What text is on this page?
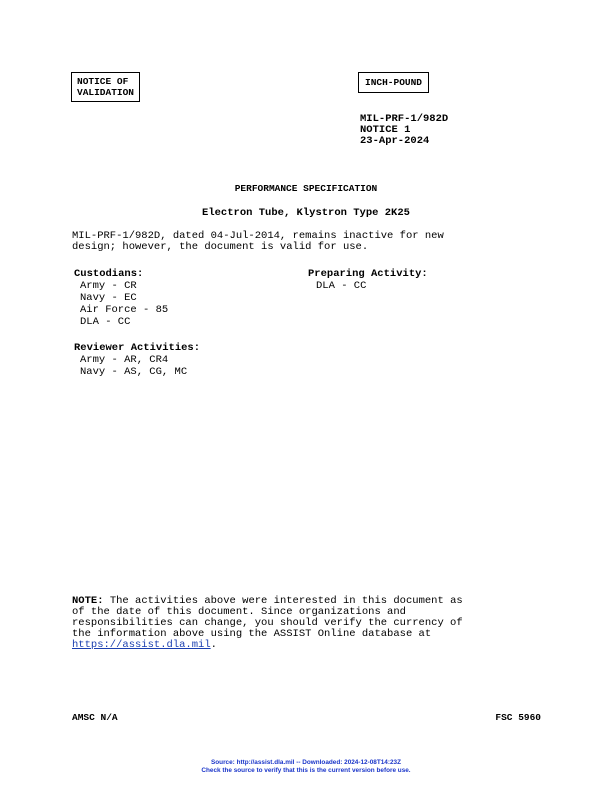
NOTICE OF
VALIDATION
INCH-POUND
MIL-PRF-1/982D
NOTICE 1
23-Apr-2024
PERFORMANCE SPECIFICATION
Electron Tube, Klystron Type 2K25
MIL-PRF-1/982D, dated 04-Jul-2014, remains inactive for new
design; however, the document is valid for use.
Custodians:
Army - CR
Navy - EC
Air Force - 85
DLA - CC
Preparing Activity:
DLA - CC
Reviewer Activities:
Army - AR, CR4
Navy - AS, CG, MC
NOTE: The activities above were interested in this document as
of the date of this document. Since organizations and
responsibilities can change, you should verify the currency of
the information above using the ASSIST Online database at
https://assist.dla.mil.
AMSC N/A	FSC 5960
Source: http://assist.dla.mil -- Downloaded: 2024-12-08T14:23Z
Check the source to verify that this is the current version before use.
